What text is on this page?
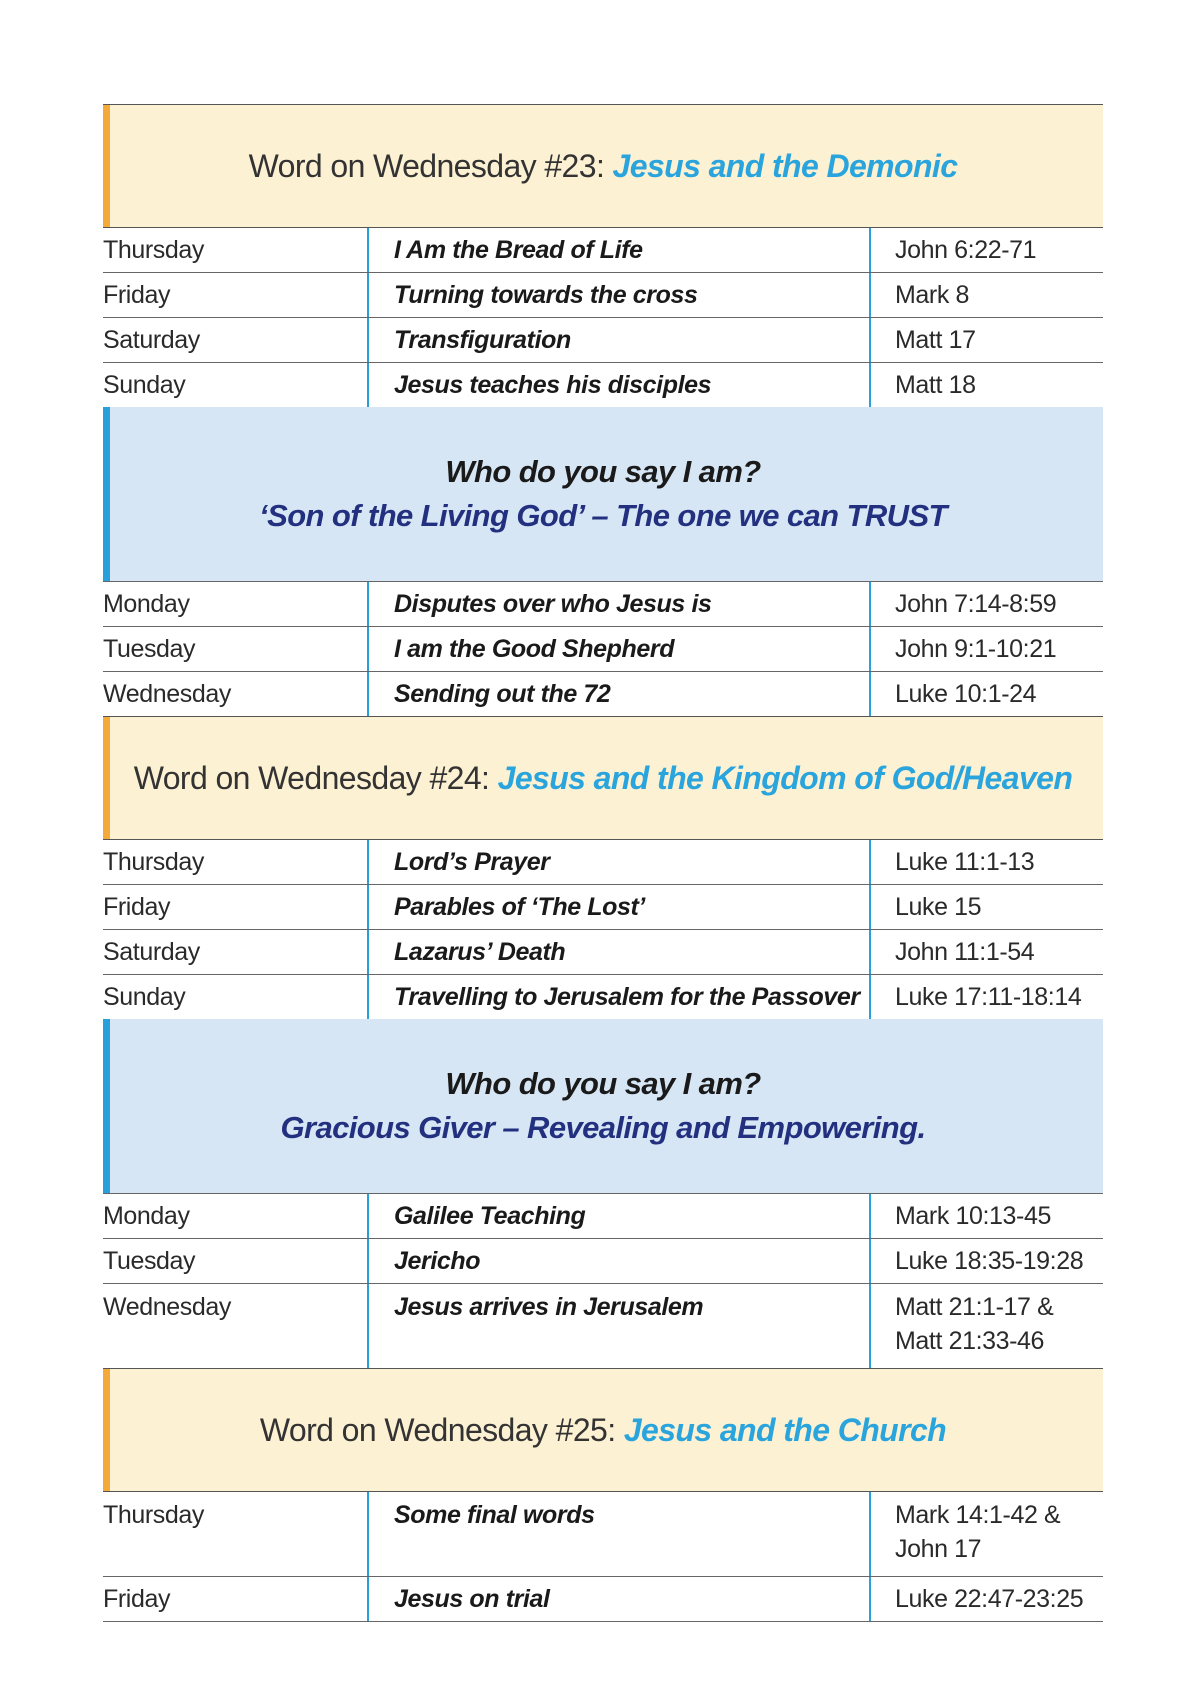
Word on Wednesday #23:
Jesus and the Demonic
Thursday	I Am the Bread of Life	John 6:22-71
Friday	Turning towards the cross	Mark 8
Saturday	Transfiguration	Matt 17
Sunday	Jesus teaches his disciples	Matt 18
Who do you say I am?
‘Son of the Living God’ – The one we can TRUST
Monday	Disputes over who Jesus is	John 7:14-8:59
Tuesday	I am the Good Shepherd	John 9:1-10:21
Wednesday	Sending out the 72	Luke 10:1-24
Word on Wednesday #24:
Jesus and the Kingdom of God/Heaven
Thursday	Lord’s Prayer	Luke 11:1-13
Friday	Parables of ‘The Lost’	Luke 15
Saturday	Lazarus’ Death	John 11:1-54
Sunday	Travelling to Jerusalem for the Passover	Luke 17:11-18:14
Who do you say I am?
Gracious Giver – Revealing and Empowering.
Monday	Galilee Teaching	Mark 10:13-45
Tuesday	Jericho	Luke 18:35-19:28
Wednesday	Jesus arrives in Jerusalem	Matt 21:1-17 &
Matt 21:33-46
Word on Wednesday #25:
Jesus and the Church
Thursday	Some final words	Mark 14:1-42 &
John 17
Friday	Jesus on trial	Luke 22:47-23:25
